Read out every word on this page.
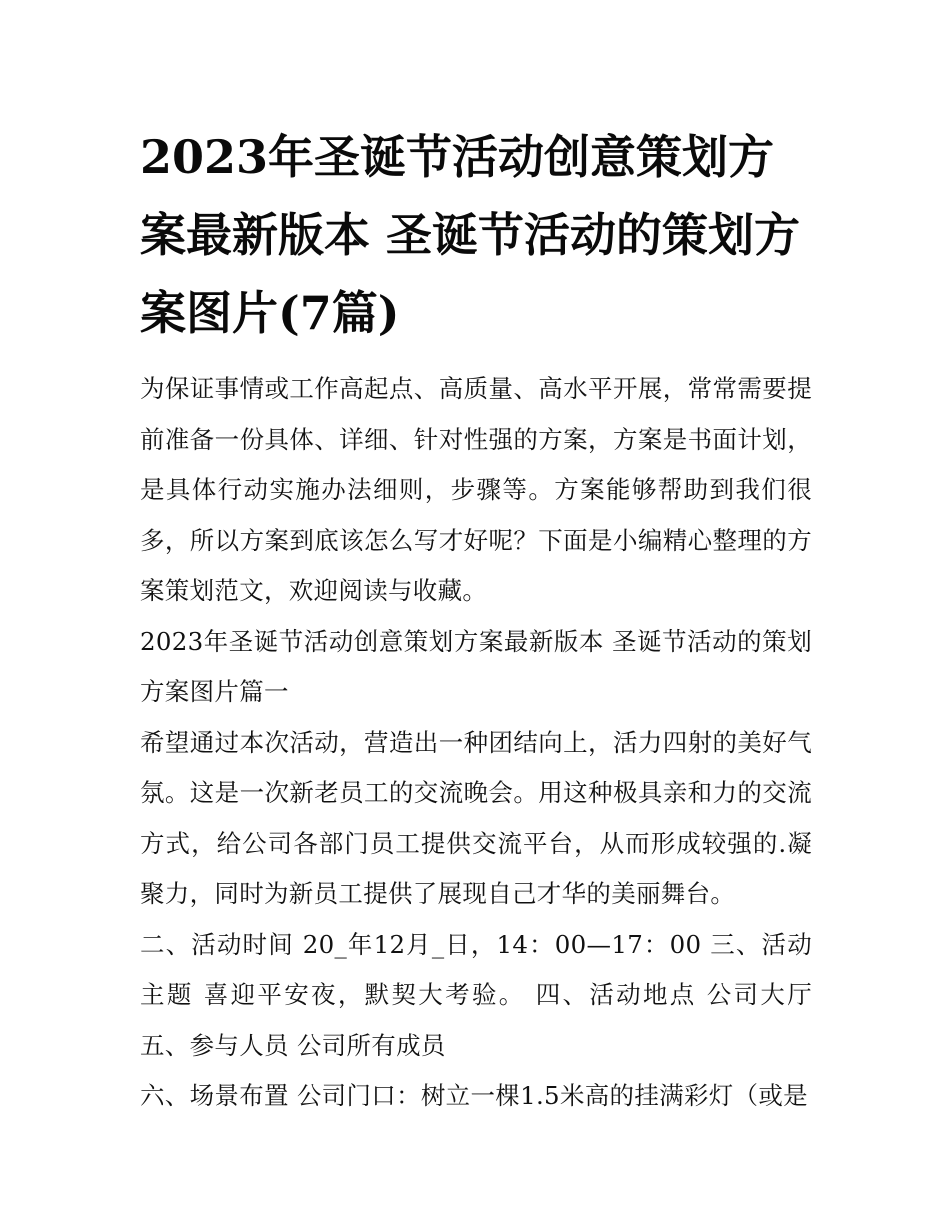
2023年圣诞节活动创意策划方案最新版本 圣诞节活动的策划方案图片(7篇)

为保证事情或工作高起点、高质量、高水平开展，常常需要提前准备一份具体、详细、针对性强的方案，方案是书面计划，是具体行动实施办法细则，步骤等。方案能够帮助到我们很多，所以方案到底该怎么写才好呢？下面是小编精心整理的方案策划范文，欢迎阅读与收藏。

2023年圣诞节活动创意策划方案最新版本 圣诞节活动的策划方案图片篇一

希望通过本次活动，营造出一种团结向上，活力四射的美好气氛。这是一次新老员工的交流晚会。用这种极具亲和力的交流方式，给公司各部门员工提供交流平台，从而形成较强的.凝聚力，同时为新员工提供了展现自己才华的美丽舞台。

二、活动时间 20_年12月_日，14：00—17：00 三、活动主题 喜迎平安夜，默契大考验。 四、活动地点 公司大厅 五、参与人员 公司所有成员

六、场景布置 公司门口：树立一棵1.5米高的挂满彩灯（或是
